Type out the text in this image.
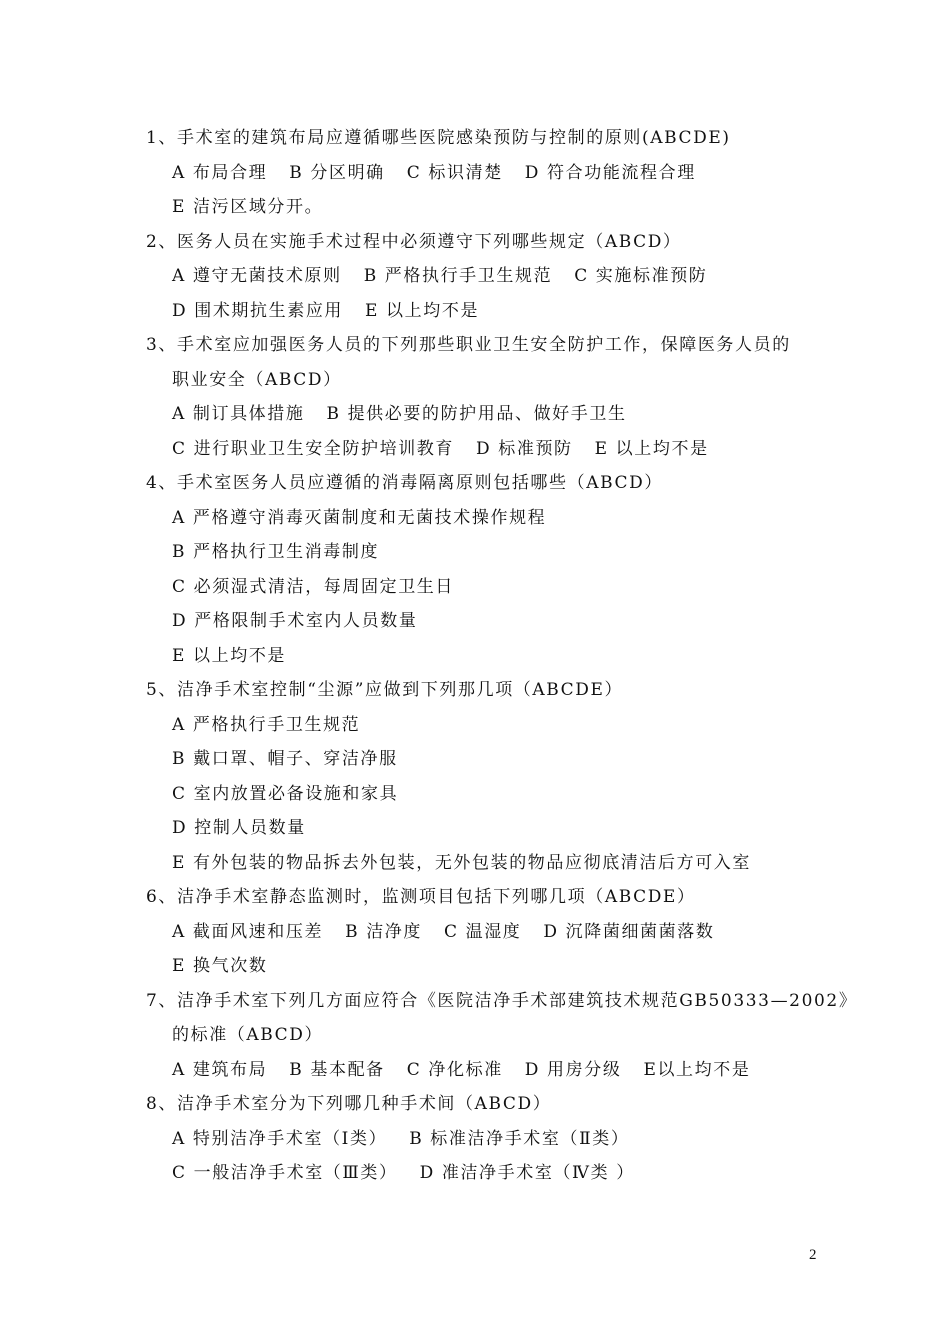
1、手术室的建筑布局应遵循哪些医院感染预防与控制的原则(ABCDE)
A 布局合理 B 分区明确 C 标识清楚 D 符合功能流程合理
E 洁污区域分开。
2、医务人员在实施手术过程中必须遵守下列哪些规定（ABCD）
A 遵守无菌技术原则 B 严格执行手卫生规范 C 实施标准预防
D 围术期抗生素应用 E 以上均不是
3、手术室应加强医务人员的下列那些职业卫生安全防护工作，保障医务人员的
职业安全（ABCD）
A 制订具体措施 B 提供必要的防护用品、做好手卫生
C 进行职业卫生安全防护培训教育 D 标准预防 E 以上均不是
4、手术室医务人员应遵循的消毒隔离原则包括哪些（ABCD）
A 严格遵守消毒灭菌制度和无菌技术操作规程
B 严格执行卫生消毒制度
C 必须湿式清洁，每周固定卫生日
D 严格限制手术室内人员数量
E 以上均不是
5、洁净手术室控制“尘源”应做到下列那几项（ABCDE）
A 严格执行手卫生规范
B 戴口罩、帽子、穿洁净服
C 室内放置必备设施和家具
D 控制人员数量
E 有外包装的物品拆去外包装，无外包装的物品应彻底清洁后方可入室
6、洁净手术室静态监测时，监测项目包括下列哪几项（ABCDE）
A 截面风速和压差 B 洁净度 C 温湿度 D 沉降菌细菌菌落数
E 换气次数
7、洁净手术室下列几方面应符合《医院洁净手术部建筑技术规范GB50333—2002》
的标准（ABCD）
A 建筑布局 B 基本配备 C 净化标准 D 用房分级 E以上均不是
8、洁净手术室分为下列哪几种手术间（ABCD）
A 特别洁净手术室（Ⅰ类） B 标准洁净手术室（Ⅱ类）
C 一般洁净手术室（Ⅲ类） D 准洁净手术室（Ⅳ类 ）
2
